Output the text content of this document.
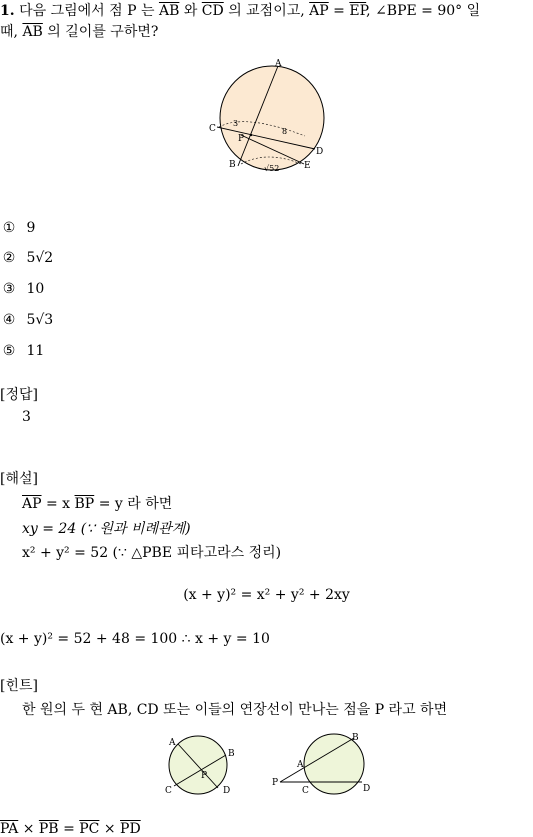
1. 다음 그림에서 점 P 는 $\overline{AB}$ 와 $\overline{CD}$ 의 교점이고, $\overline{AP} = \overline{EP}$, ∠BPE = 90° 일
때, $\overline{AB}$ 의 길이를 구하면?
A
C
D
B	E
P
3
8
√52
① 9
② 5√2
③ 10
④ 5√3
⑤ 11
[정답]
3
[해설]
$\overline{AP} = x$ $\overline{BP} = y$ 라 하면
xy = 24 (∵ 원과 비례관계)
x² + y² = 52 (∵ △PBE 피타고라스 정리)
(x + y)² = x² + y² + 2xy
(x + y)² = 52 + 48 = 100 ∴ x + y = 10
[힌트]
한 원의 두 현 AB, CD 또는 이들의 연장선이 만나는 점을 P 라고 하면
A
B
C	D
P
P
A
B
C	D
$\overline{PA} \times \overline{PB} = \overline{PC} \times \overline{PD}$
